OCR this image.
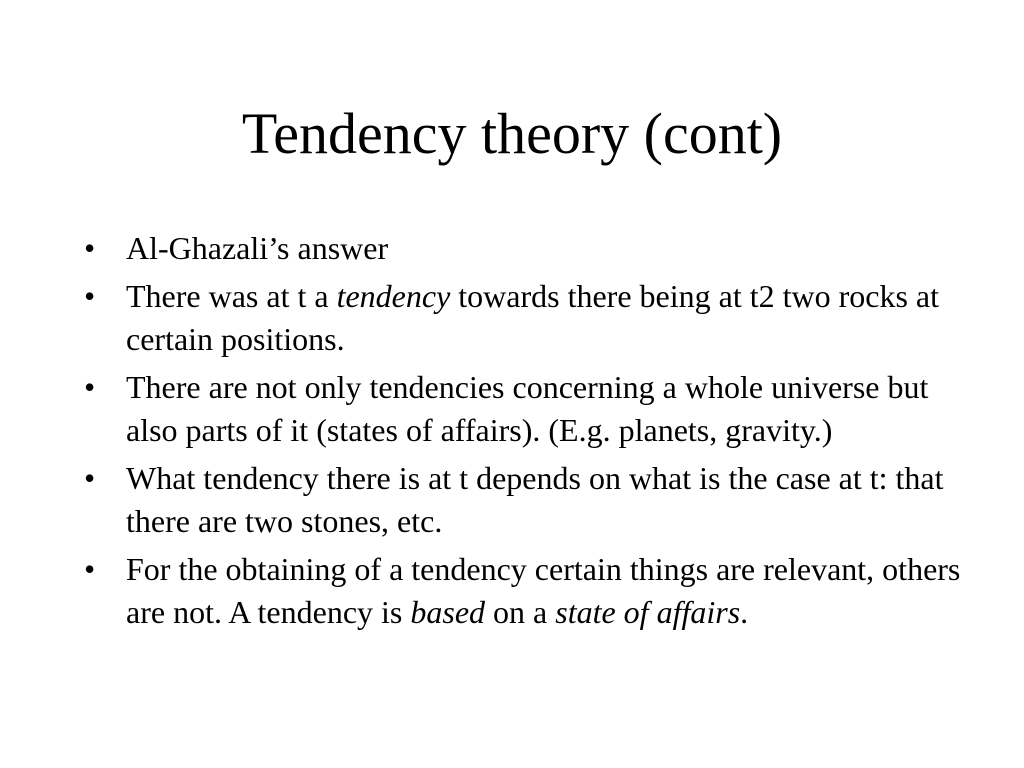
Tendency theory (cont)
• Al-Ghazali’s answer
• There was at t a tendency towards there being at t2 two rocks at certain positions.
• There are not only tendencies concerning a whole universe but also parts of it (states of affairs). (E.g. planets, gravity.)
• What tendency there is at t depends on what is the case at t: that there are two stones, etc.
• For the obtaining of a tendency certain things are relevant, others are not. A tendency is based on a state of affairs.
